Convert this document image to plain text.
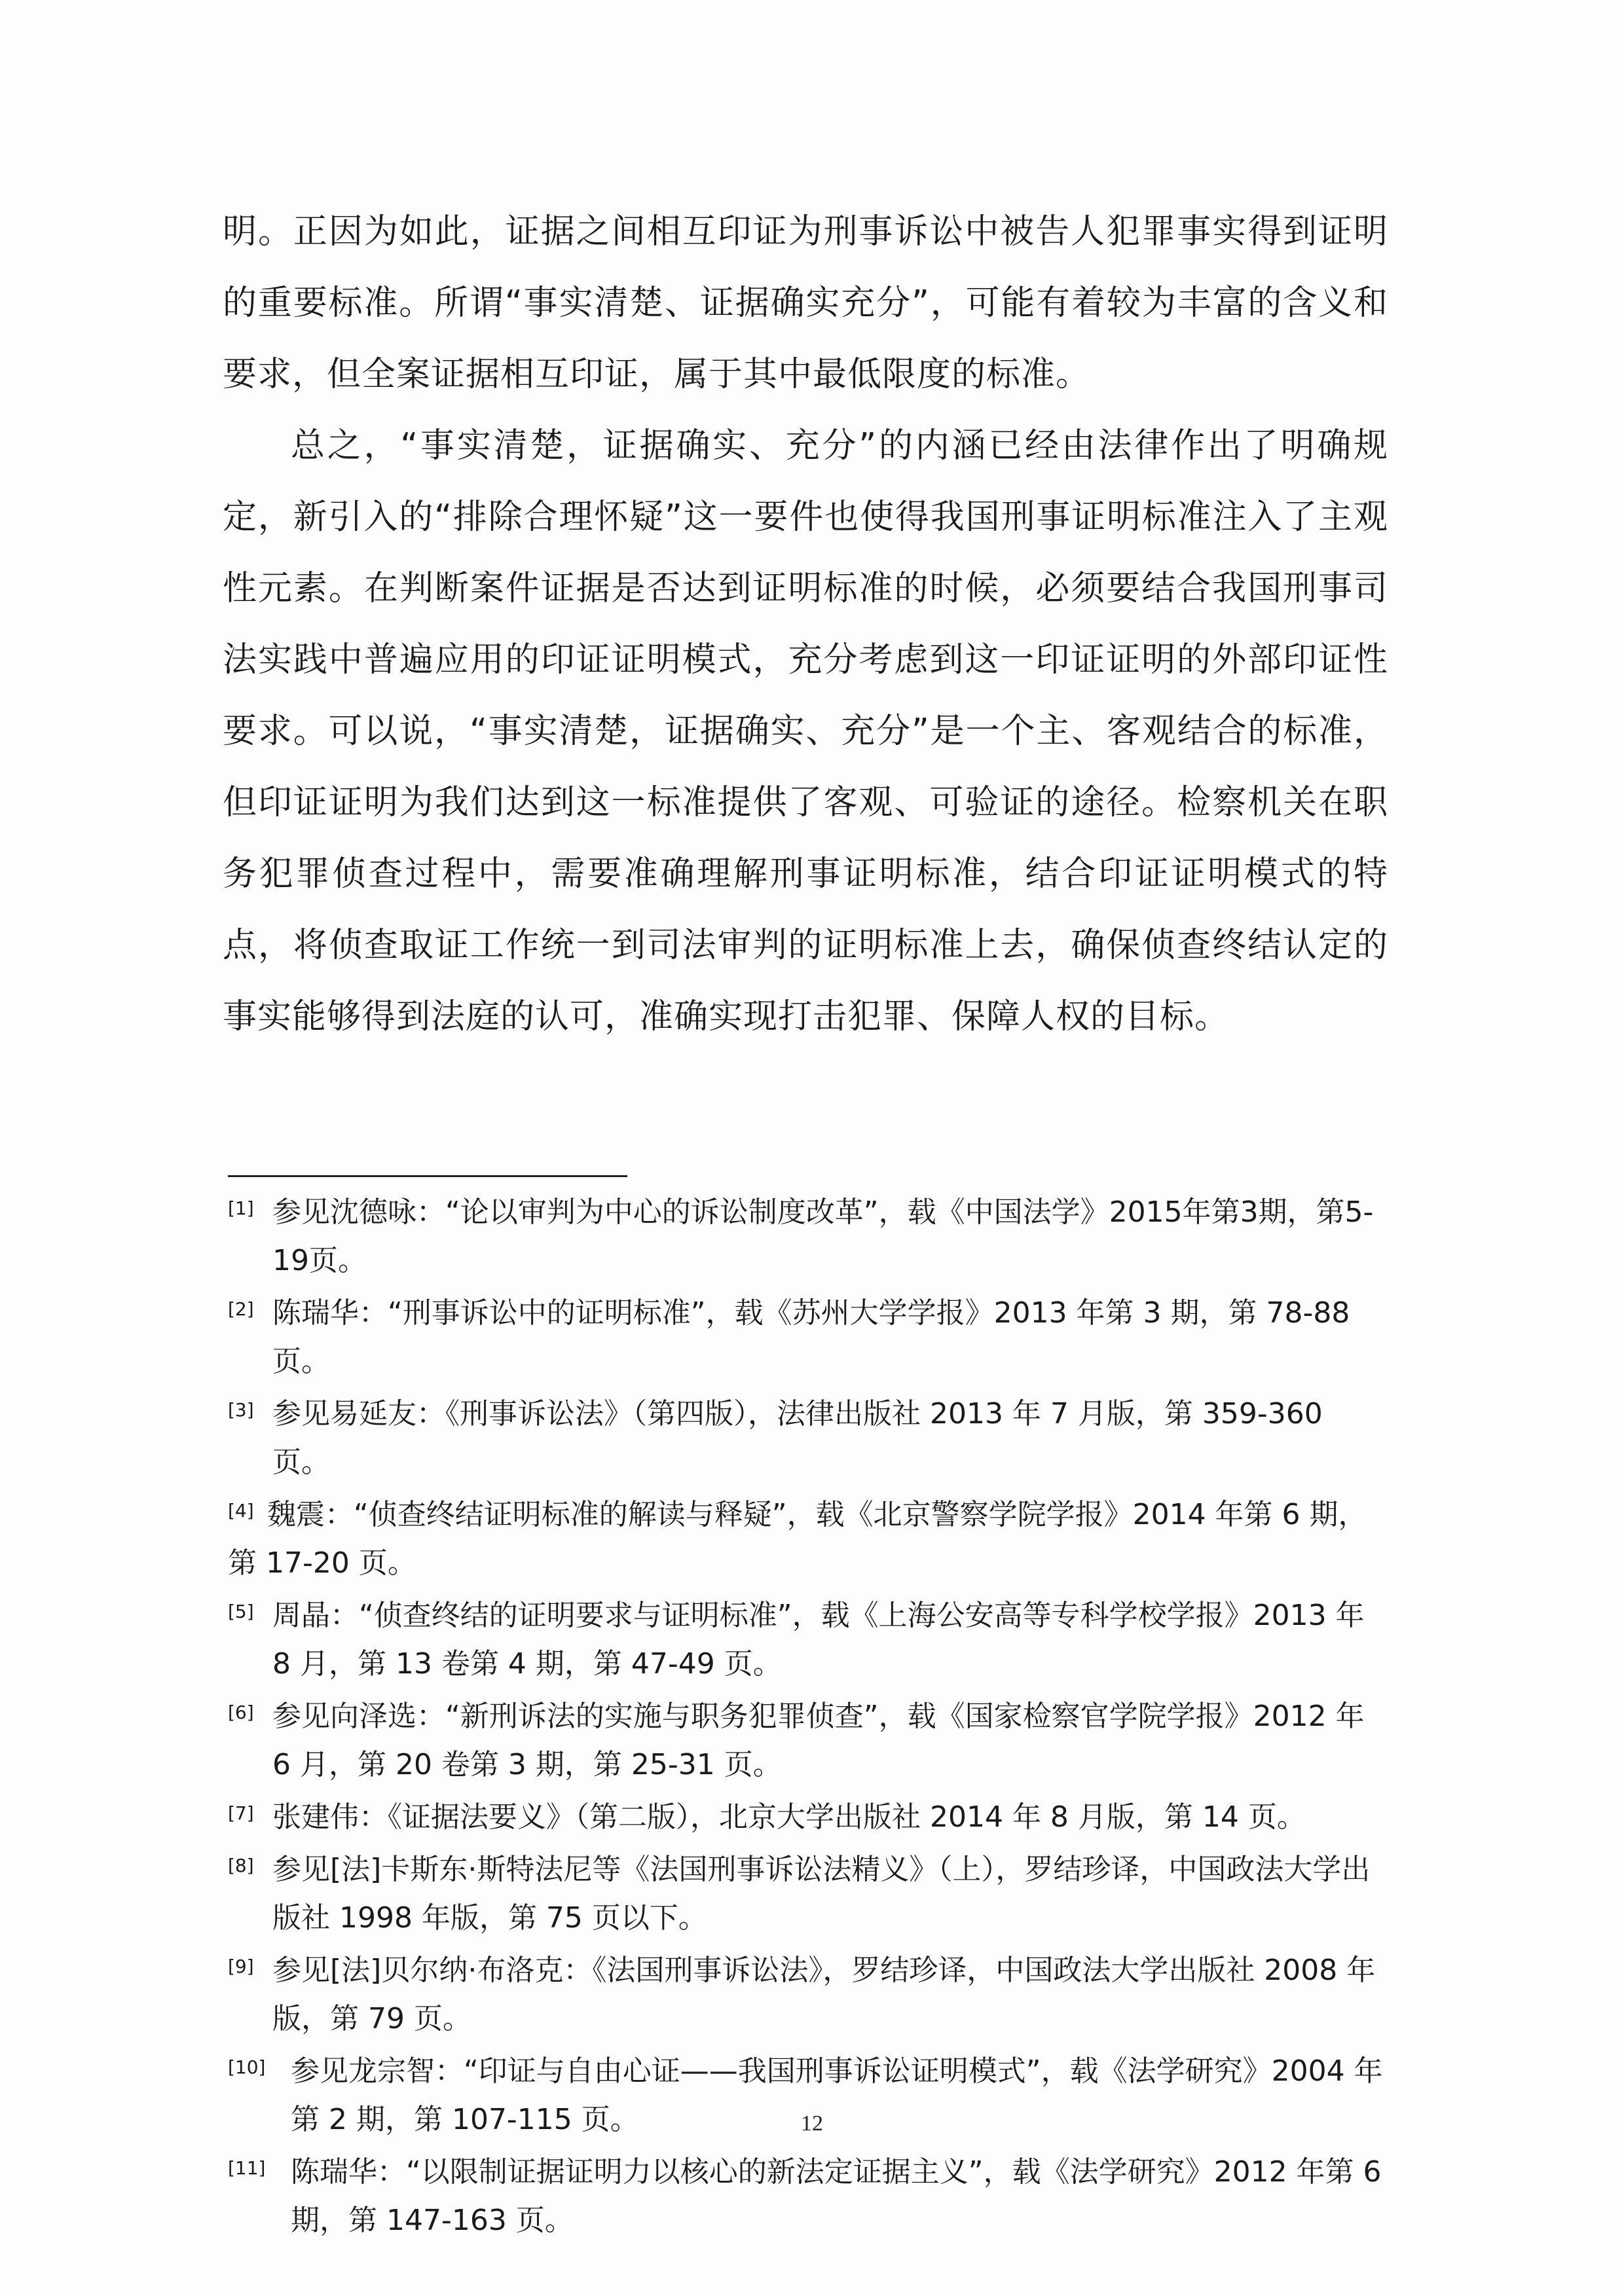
明。正因为如此，证据之间相互印证为刑事诉讼中被告人犯罪事实得到证明的重要标准。所谓“事实清楚、证据确实充分”，可能有着较为丰富的含义和要求，但全案证据相互印证，属于其中最低限度的标准。

总之，“事实清楚，证据确实、充分”的内涵已经由法律作出了明确规定，新引入的“排除合理怀疑”这一要件也使得我国刑事证明标准注入了主观性元素。在判断案件证据是否达到证明标准的时候，必须要结合我国刑事司法实践中普遍应用的印证证明模式，充分考虑到这一印证证明的外部印证性要求。可以说，“事实清楚，证据确实、充分”是一个主、客观结合的标准，但印证证明为我们达到这一标准提供了客观、可验证的途径。检察机关在职务犯罪侦查过程中，需要准确理解刑事证明标准，结合印证证明模式的特点，将侦查取证工作统一到司法审判的证明标准上去，确保侦查终结认定的事实能够得到法庭的认可，准确实现打击犯罪、保障人权的目标。

[1] 参见沈德咏：“论以审判为中心的诉讼制度改革”，载《中国法学》2015年第3期，第5-19页。
[2] 陈瑞华：“刑事诉讼中的证明标准”，载《苏州大学学报》2013 年第 3 期，第 78-88 页。
[3] 参见易延友：《刑事诉讼法》（第四版），法律出版社 2013 年 7 月版，第 359-360 页。
[4] 魏震：“侦查终结证明标准的解读与释疑”，载《北京警察学院学报》2014 年第 6 期，第 17-20 页。
[5] 周晶：“侦查终结的证明要求与证明标准”，载《上海公安高等专科学校学报》2013 年 8 月，第 13 卷第 4 期，第 47-49 页。
[6] 参见向泽选：“新刑诉法的实施与职务犯罪侦查”，载《国家检察官学院学报》2012 年 6 月，第 20 卷第 3 期，第 25-31 页。
[7] 张建伟：《证据法要义》（第二版），北京大学出版社 2014 年 8 月版，第 14 页。
[8] 参见[法]卡斯东·斯特法尼等《法国刑事诉讼法精义》（上），罗结珍译，中国政法大学出版社 1998 年版，第 75 页以下。
[9] 参见[法]贝尔纳·布洛克：《法国刑事诉讼法》，罗结珍译，中国政法大学出版社 2008 年版，第 79 页。
[10] 参见龙宗智：“印证与自由心证——我国刑事诉讼证明模式”，载《法学研究》2004 年第 2 期，第 107-115 页。
[11] 陈瑞华：“以限制证据证明力以核心的新法定证据主义”，载《法学研究》2012 年第 6 期，第 147-163 页。
12
